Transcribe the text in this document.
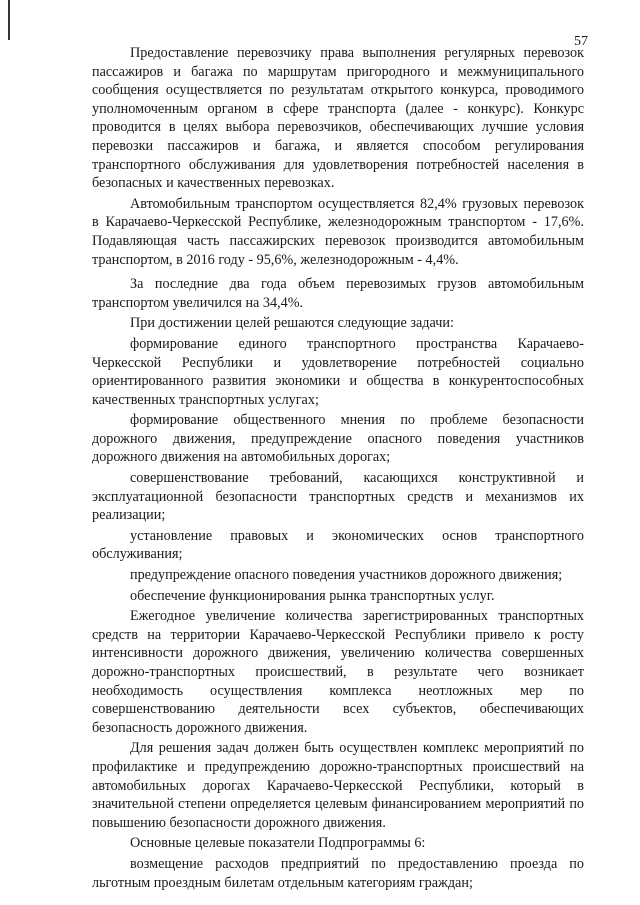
57

Предоставление перевозчику права выполнения регулярных перевозок пассажиров и багажа по маршрутам пригородного и межмуниципального сообщения осуществляется по результатам открытого конкурса, проводимого уполномоченным органом в сфере транспорта (далее - конкурс). Конкурс проводится в целях выбора перевозчиков, обеспечивающих лучшие условия перевозки пассажиров и багажа, и является способом регулирования транспортного обслуживания для удовлетворения потребностей населения в безопасных и качественных перевозках.

Автомобильным транспортом осуществляется 82,4% грузовых перевозок в Карачаево-Черкесской Республике, железнодорожным транспортом - 17,6%. Подавляющая часть пассажирских перевозок производится автомобильным транспортом, в 2016 году - 95,6%, железнодорожным - 4,4%.

За последние два года объем перевозимых грузов автомобильным транспортом увеличился на 34,4%.

При достижении целей решаются следующие задачи:

формирование единого транспортного пространства Карачаево-Черкесской Республики и удовлетворение потребностей социально ориентированного развития экономики и общества в конкурентоспособных качественных транспортных услугах;

формирование общественного мнения по проблеме безопасности дорожного движения, предупреждение опасного поведения участников дорожного движения на автомобильных дорогах;

совершенствование требований, касающихся конструктивной и эксплуатационной безопасности транспортных средств и механизмов их реализации;

установление правовых и экономических основ транспортного обслуживания;

предупреждение опасного поведения участников дорожного движения;

обеспечение функционирования рынка транспортных услуг.

Ежегодное увеличение количества зарегистрированных транспортных средств на территории Карачаево-Черкесской Республики привело к росту интенсивности дорожного движения, увеличению количества совершенных дорожно-транспортных происшествий, в результате чего возникает необходимость осуществления комплекса неотложных мер по совершенствованию деятельности всех субъектов, обеспечивающих безопасность дорожного движения.

Для решения задач должен быть осуществлен комплекс мероприятий по профилактике и предупреждению дорожно-транспортных происшествий на автомобильных дорогах Карачаево-Черкесской Республики, который в значительной степени определяется целевым финансированием мероприятий по повышению безопасности дорожного движения.

Основные целевые показатели Подпрограммы 6:

возмещение расходов предприятий по предоставлению проезда по льготным проездным билетам отдельным категориям граждан;
